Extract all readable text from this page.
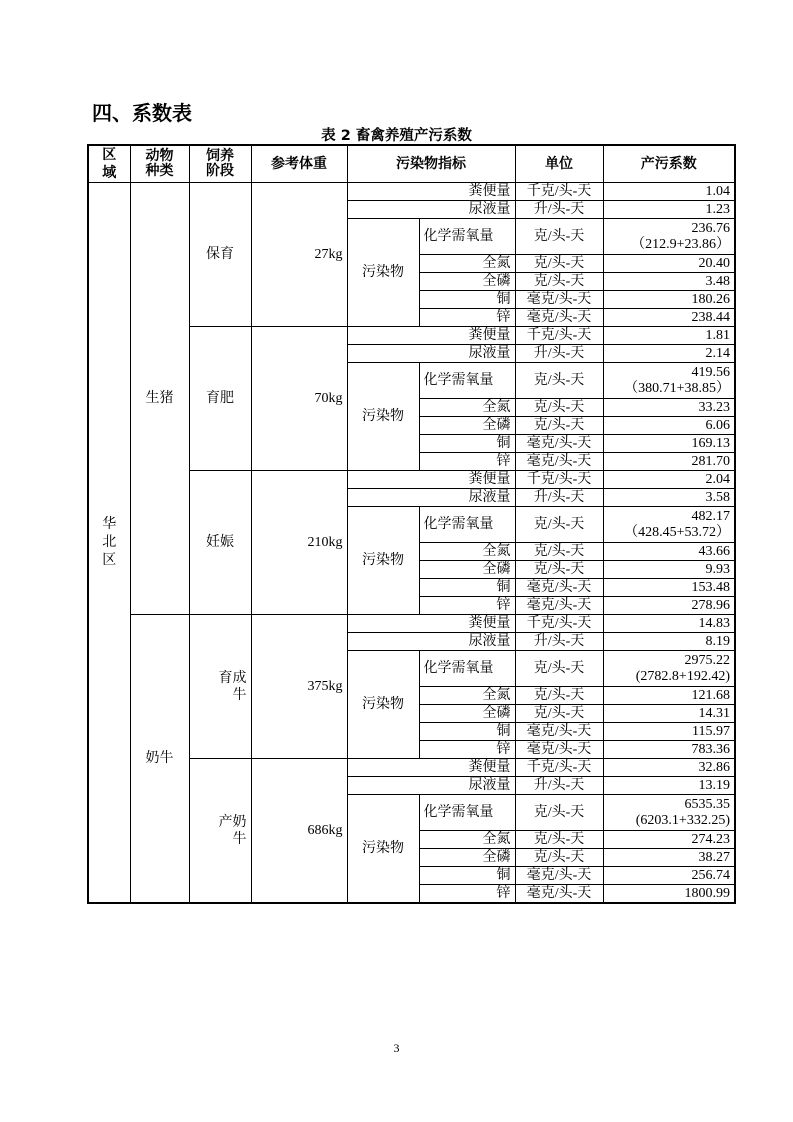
四、系数表
表 2 畜禽养殖产污系数
区域	动物种类	饲养阶段	参考体重	污染物指标		单位	产污系数
华北区	生猪	保育	27kg	粪便量		千克/头-天	1.04
				尿液量		升/头-天	1.23
				污染物	化学需氧量	克/头-天	236.76
（212.9+23.86）

					全氮	克/头-天	20.40
					全磷	克/头-天	3.48
					铜	毫克/头-天	180.26
					锌	毫克/头-天	238.44
		育肥	70kg	粪便量		千克/头-天	1.81
				尿液量		升/头-天	2.14
				污染物	化学需氧量	克/头-天	419.56
（380.71+38.85）

					全氮	克/头-天	33.23
					全磷	克/头-天	6.06
					铜	毫克/头-天	169.13
					锌	毫克/头-天	281.70
		妊娠	210kg	粪便量		千克/头-天	2.04
				尿液量		升/头-天	3.58
				污染物	化学需氧量	克/头-天	482.17
（428.45+53.72）

					全氮	克/头-天	43.66
					全磷	克/头-天	9.93
					铜	毫克/头-天	153.48
					锌	毫克/头-天	278.96
	奶牛	育成牛	375kg	粪便量		千克/头-天	14.83
				尿液量		升/头-天	8.19
				污染物	化学需氧量	克/头-天	2975.22
(2782.8+192.42)

					全氮	克/头-天	121.68
					全磷	克/头-天	14.31
					铜	毫克/头-天	115.97
					锌	毫克/头-天	783.36
		产奶牛	686kg	粪便量		千克/头-天	32.86
				尿液量		升/头-天	13.19
				污染物	化学需氧量	克/头-天	6535.35
(6203.1+332.25)

					全氮	克/头-天	274.23
					全磷	克/头-天	38.27
					铜	毫克/头-天	256.74
					锌	毫克/头-天	1800.99
3
